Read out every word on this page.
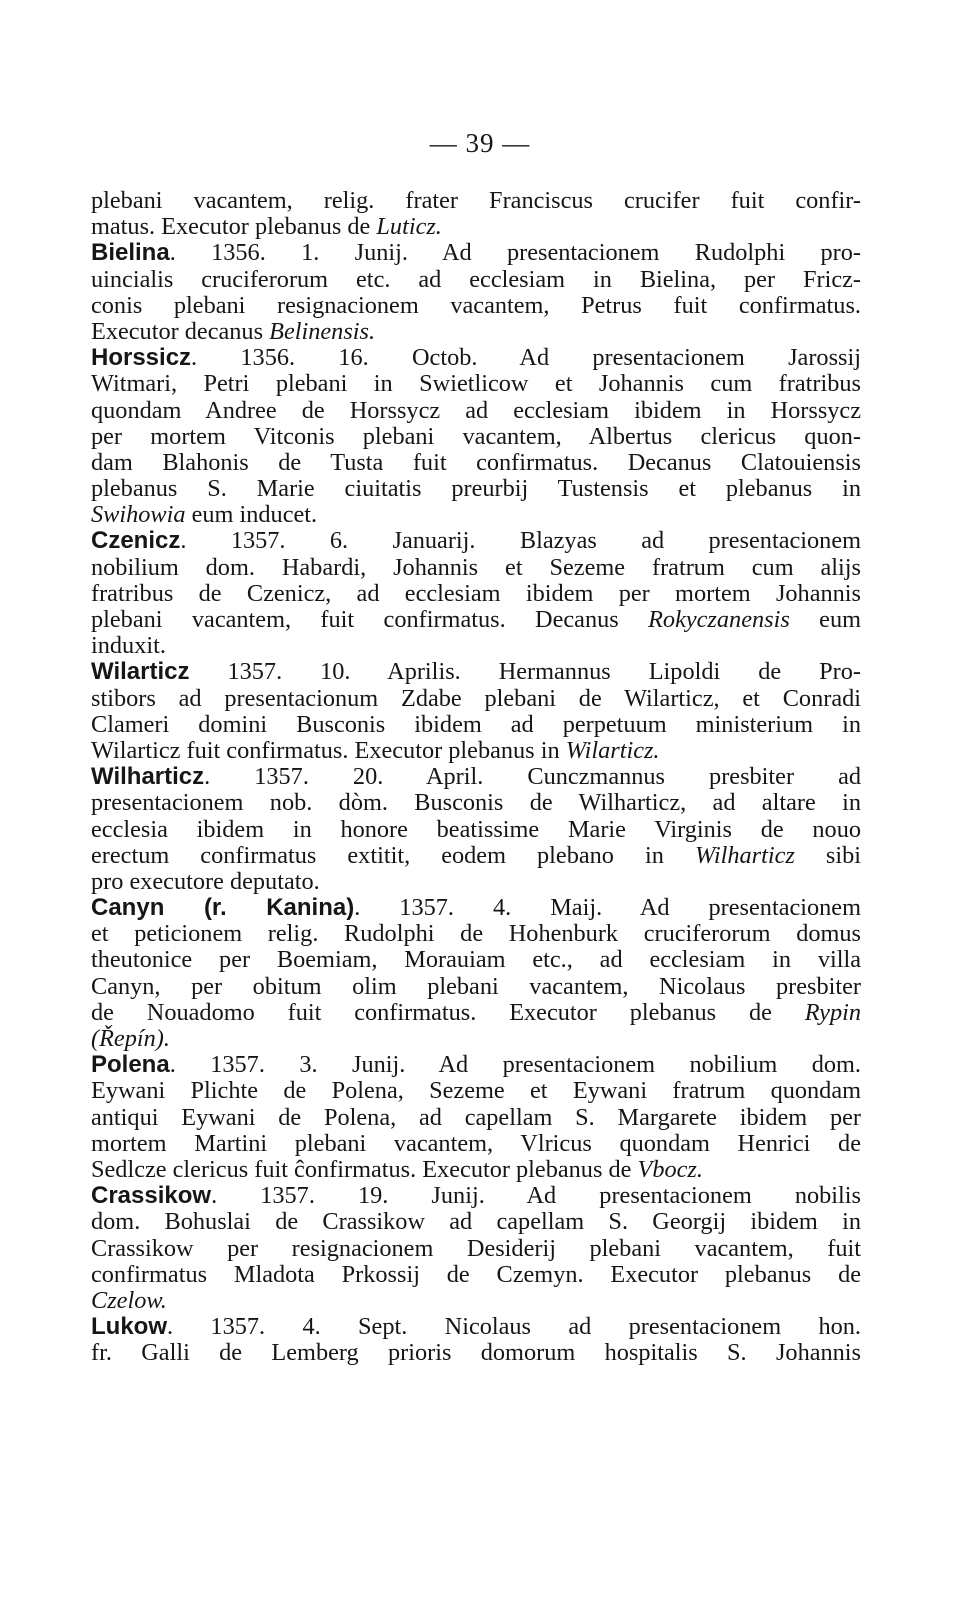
— 39 —
plebani vacantem, relig. frater Franciscus crucifer fuit confir-
matus. Executor plebanus de Luticz.
Bielina. 1356. 1. Junij. Ad presentacionem Rudolphi pro-
uincialis cruciferorum etc. ad ecclesiam in Bielina, per Fricz-
conis plebani resignacionem vacantem, Petrus fuit confirmatus.
Executor decanus Belinensis.
Horssicz. 1356. 16. Octob. Ad presentacionem Jarossij
Witmari, Petri plebani in Swietlicow et Johannis cum fratribus
quondam Andree de Horssycz ad ecclesiam ibidem in Horssycz
per mortem Vitconis plebani vacantem, Albertus clericus quon-
dam Blahonis de Tusta fuit confirmatus. Decanus Clatouiensis
plebanus S. Marie ciuitatis preurbij Tustensis et plebanus in
Swihowia eum inducet.
Czenicz. 1357. 6. Januarij. Blazyas ad presentacionem
nobilium dom. Habardi, Johannis et Sezeme fratrum cum alijs
fratribus de Czenicz, ad ecclesiam ibidem per mortem Johannis
plebani vacantem, fuit confirmatus. Decanus Rokyczanensis eum
induxit.
Wilarticz 1357. 10. Aprilis. Hermannus Lipoldi de Pro-
stibors ad presentacionum Zdabe plebani de Wilarticz, et Conradi
Clameri domini Busconis ibidem ad perpetuum ministerium in
Wilarticz fuit confirmatus. Executor plebanus in Wilarticz.
Wilharticz. 1357. 20. April. Cunczmannus presbiter ad
presentacionem nob. dòm. Busconis de Wilharticz, ad altare in
ecclesia ibidem in honore beatissime Marie Virginis de nouo
erectum confirmatus extitit, eodem plebano in Wilharticz sibi
pro executore deputato.
Canyn (r. Kanina). 1357. 4. Maij. Ad presentacionem
et peticionem relig. Rudolphi de Hohenburk cruciferorum domus
theutonice per Boemiam, Morauiam etc., ad ecclesiam in villa
Canyn, per obitum olim plebani vacantem, Nicolaus presbiter
de Nouadomo fuit confirmatus. Executor plebanus de Rypin
(Řepín).
Polena. 1357. 3. Junij. Ad presentacionem nobilium dom.
Eywani Plichte de Polena, Sezeme et Eywani fratrum quondam
antiqui Eywani de Polena, ad capellam S. Margarete ibidem per
mortem Martini plebani vacantem, Vlricus quondam Henrici de
Sedlcze clericus fuit ĉonfirmatus. Executor plebanus de Vbocz.
Crassikow. 1357. 19. Junij. Ad presentacionem nobilis
dom. Bohuslai de Crassikow ad capellam S. Georgij ibidem in
Crassikow per resignacionem Desiderij plebani vacantem, fuit
confirmatus Mladota Prkossij de Czemyn. Executor plebanus de
Czelow.
Lukow. 1357. 4. Sept. Nicolaus ad presentacionem hon.
fr. Galli de Lemberg prioris domorum hospitalis S. Johannis
